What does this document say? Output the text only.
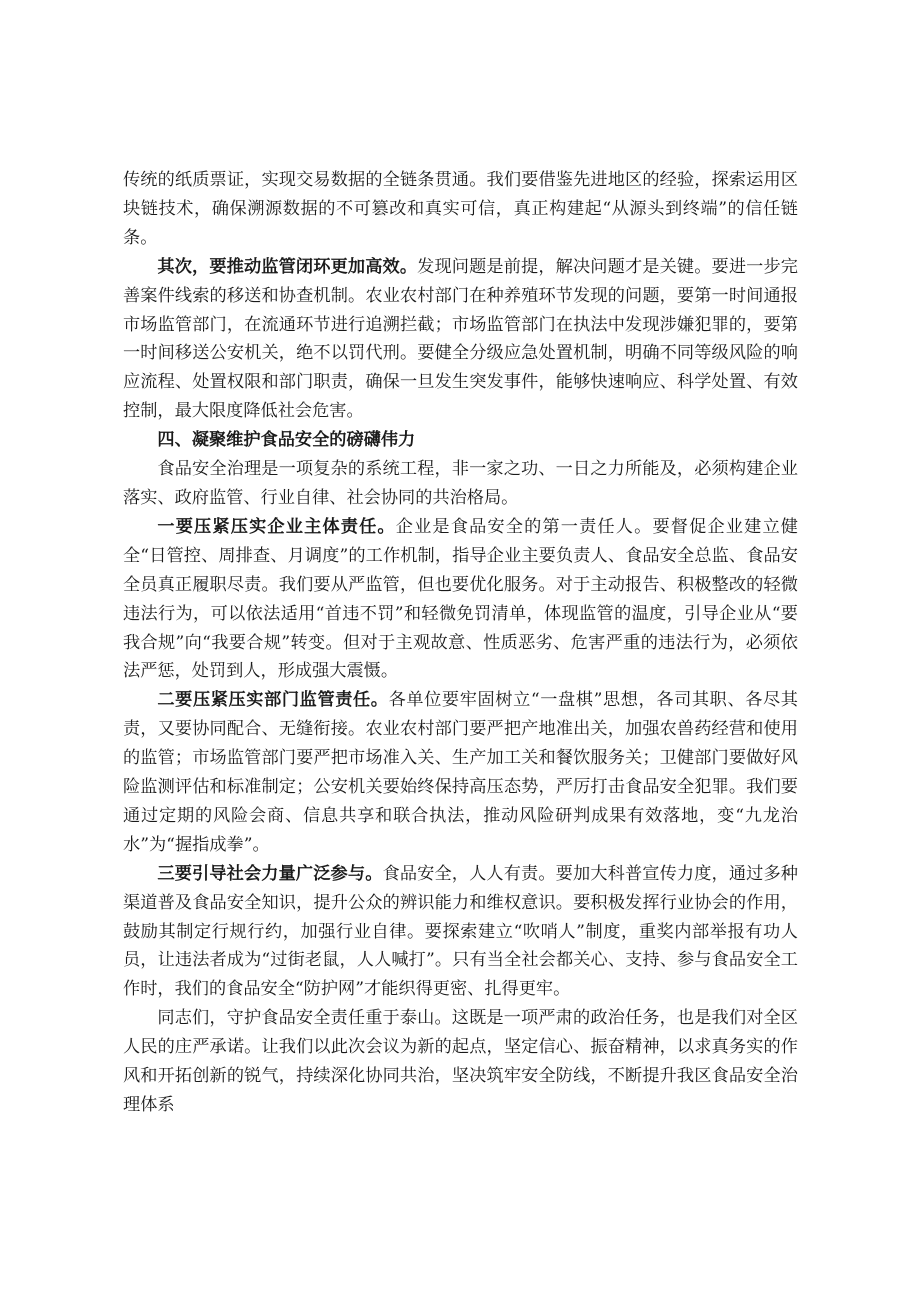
传统的纸质票证，实现交易数据的全链条贯通。我们要借鉴先进地区的经验，探索运用区块链技术，确保溯源数据的不可篡改和真实可信，真正构建起“从源头到终端”的信任链条。

其次，要推动监管闭环更加高效。发现问题是前提，解决问题才是关键。要进一步完善案件线索的移送和协查机制。农业农村部门在种养殖环节发现的问题，要第一时间通报市场监管部门，在流通环节进行追溯拦截；市场监管部门在执法中发现涉嫌犯罪的，要第一时间移送公安机关，绝不以罚代刑。要健全分级应急处置机制，明确不同等级风险的响应流程、处置权限和部门职责，确保一旦发生突发事件，能够快速响应、科学处置、有效控制，最大限度降低社会危害。

四、凝聚维护食品安全的磅礴伟力

食品安全治理是一项复杂的系统工程，非一家之功、一日之力所能及，必须构建企业落实、政府监管、行业自律、社会协同的共治格局。

一要压紧压实企业主体责任。企业是食品安全的第一责任人。要督促企业建立健全“日管控、周排查、月调度”的工作机制，指导企业主要负责人、食品安全总监、食品安全员真正履职尽责。我们要从严监管，但也要优化服务。对于主动报告、积极整改的轻微违法行为，可以依法适用“首违不罚”和轻微免罚清单，体现监管的温度，引导企业从“要我合规”向“我要合规”转变。但对于主观故意、性质恶劣、危害严重的违法行为，必须依法严惩，处罚到人，形成强大震慑。

二要压紧压实部门监管责任。各单位要牢固树立“一盘棋”思想，各司其职、各尽其责，又要协同配合、无缝衔接。农业农村部门要严把产地准出关，加强农兽药经营和使用的监管；市场监管部门要严把市场准入关、生产加工关和餐饮服务关；卫健部门要做好风险监测评估和标准制定；公安机关要始终保持高压态势，严厉打击食品安全犯罪。我们要通过定期的风险会商、信息共享和联合执法，推动风险研判成果有效落地，变“九龙治水”为“握指成拳”。

三要引导社会力量广泛参与。食品安全，人人有责。要加大科普宣传力度，通过多种渠道普及食品安全知识，提升公众的辨识能力和维权意识。要积极发挥行业协会的作用，鼓励其制定行规行约，加强行业自律。要探索建立“吹哨人”制度，重奖内部举报有功人员，让违法者成为“过街老鼠，人人喊打”。只有当全社会都关心、支持、参与食品安全工作时，我们的食品安全“防护网”才能织得更密、扎得更牢。

同志们，守护食品安全责任重于泰山。这既是一项严肃的政治任务，也是我们对全区人民的庄严承诺。让我们以此次会议为新的起点，坚定信心、振奋精神，以求真务实的作风和开拓创新的锐气，持续深化协同共治，坚决筑牢安全防线，不断提升我区食品安全治理体系
